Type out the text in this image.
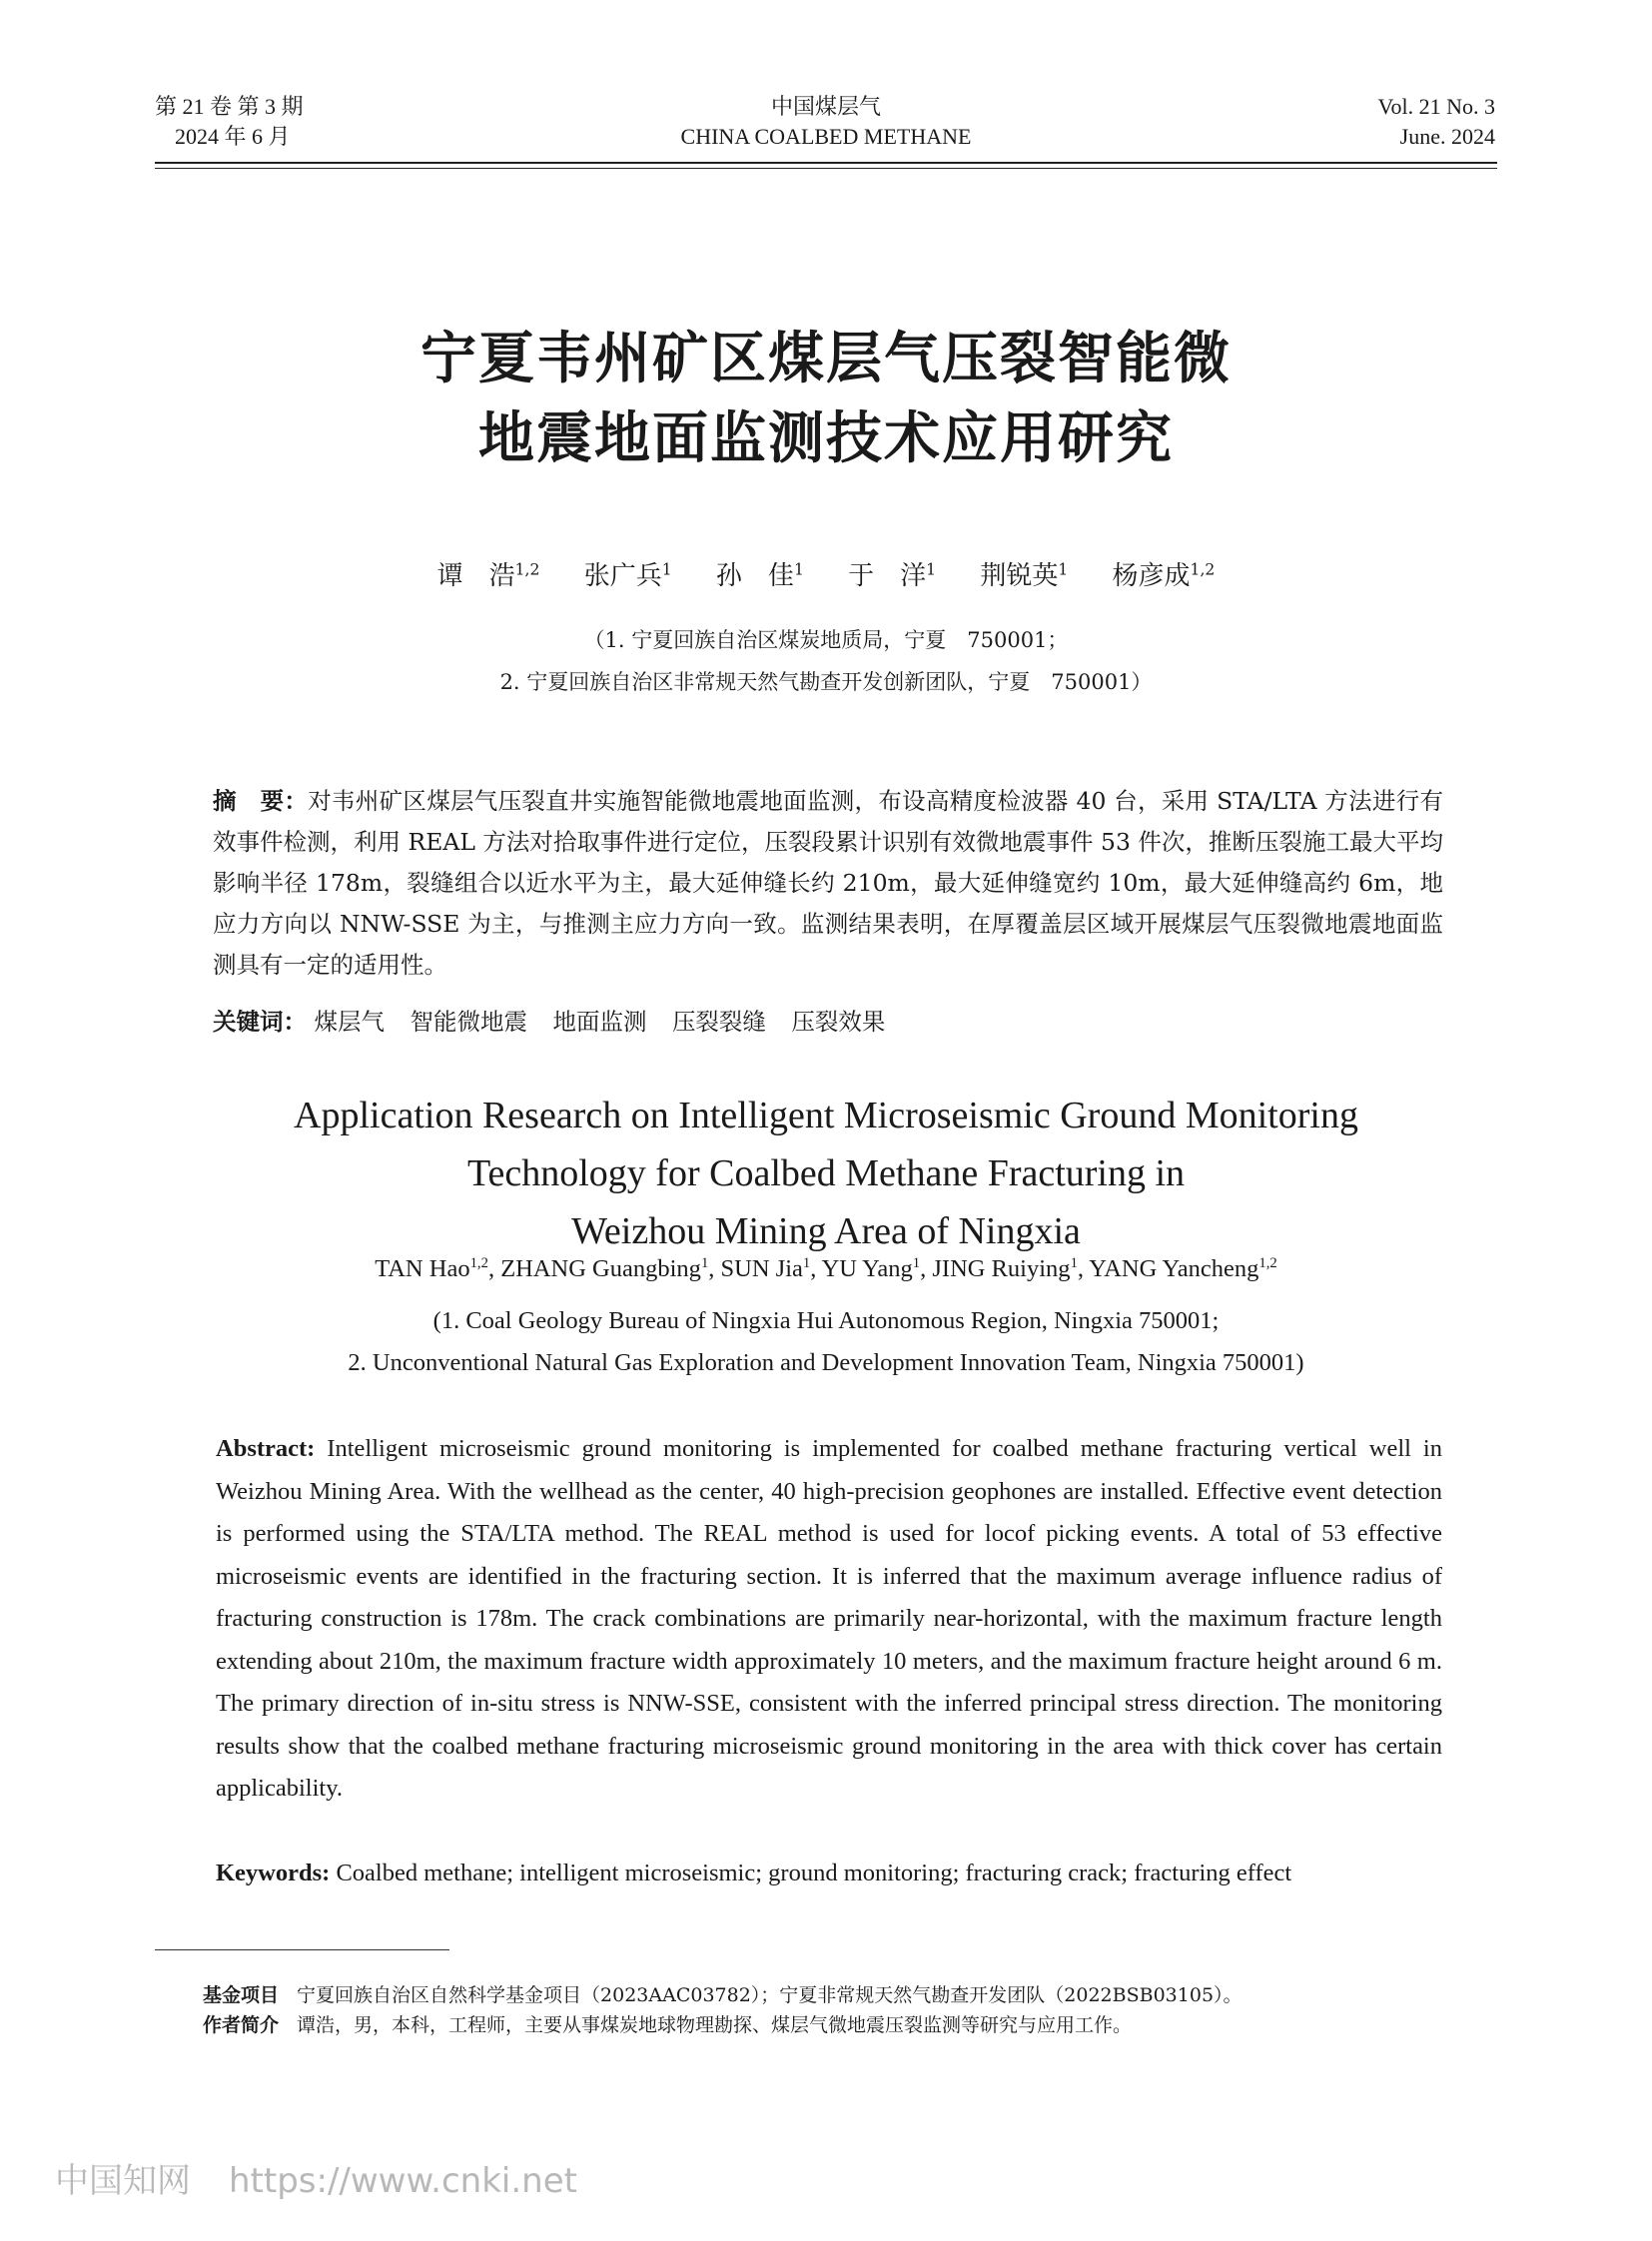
第 21 卷 第 3 期
2024 年 6 月
中国煤层气
CHINA COALBED METHANE
Vol. 21 No. 3
June. 2024
宁夏韦州矿区煤层气压裂智能微
地震地面监测技术应用研究
谭　浩$^{1,2}$ 张广兵$^1$ 孙　佳$^1$ 于　洋$^1$ 荆锐英$^1$ 杨彦成$^{1,2}$
（1. 宁夏回族自治区煤炭地质局，宁夏　750001；
2. 宁夏回族自治区非常规天然气勘查开发创新团队，宁夏　750001）
摘　要：对韦州矿区煤层气压裂直井实施智能微地震地面监测，布设高精度检波器 40 台，采用 STA/LTA 方法进行有效事件检测，利用 REAL 方法对拾取事件进行定位，压裂段累计识别有效微地震事件 53 件次，推断压裂施工最大平均影响半径 178m，裂缝组合以近水平为主，最大延伸缝长约 210m，最大延伸缝宽约 10m，最大延伸缝高约 6m，地应力方向以 NNW-SSE 为主，与推测主应力方向一致。监测结果表明，在厚覆盖层区域开展煤层气压裂微地震地面监测具有一定的适用性。
关键词： 煤层气 智能微地震 地面监测 压裂裂缝 压裂效果
Application Research on Intelligent Microseismic Ground Monitoring
Technology for Coalbed Methane Fracturing in
Weizhou Mining Area of Ningxia
TAN Hao$^{1,2}$, ZHANG Guangbing$^1$, SUN Jia$^1$, YU Yang$^1$, JING Ruiying$^1$, YANG Yancheng$^{1,2}$
(1. Coal Geology Bureau of Ningxia Hui Autonomous Region, Ningxia 750001;
2. Unconventional Natural Gas Exploration and Development Innovation Team, Ningxia 750001)
Abstract: Intelligent microseismic ground monitoring is implemented for coalbed methane fracturing vertical well in Weizhou Mining Area. With the wellhead as the center, 40 high-precision geophones are installed. Effective event detection is performed using the STA/LTA method. The REAL method is used for locof picking events. A total of 53 effective microseismic events are identified in the fracturing section. It is inferred that the maximum average influence radius of fracturing construction is 178m. The crack combinations are primarily near-horizontal, with the maximum fracture length extending about 210m, the maximum fracture width approximately 10 meters, and the maximum fracture height around 6 m. The primary direction of in-situ stress is NNW-SSE, consistent with the inferred principal stress direction. The monitoring results show that the coalbed methane fracturing microseismic ground monitoring in the area with thick cover has certain applicability.
Keywords: Coalbed methane; intelligent microseismic; ground monitoring; fracturing crack; fracturing effect
基金项目 宁夏回族自治区自然科学基金项目（2023AAC03782）；宁夏非常规天然气勘查开发团队（2022BSB03105）。
作者简介 谭浩，男，本科，工程师，主要从事煤炭地球物理勘探、煤层气微地震压裂监测等研究与应用工作。
中国知网 https://www.cnki.net
